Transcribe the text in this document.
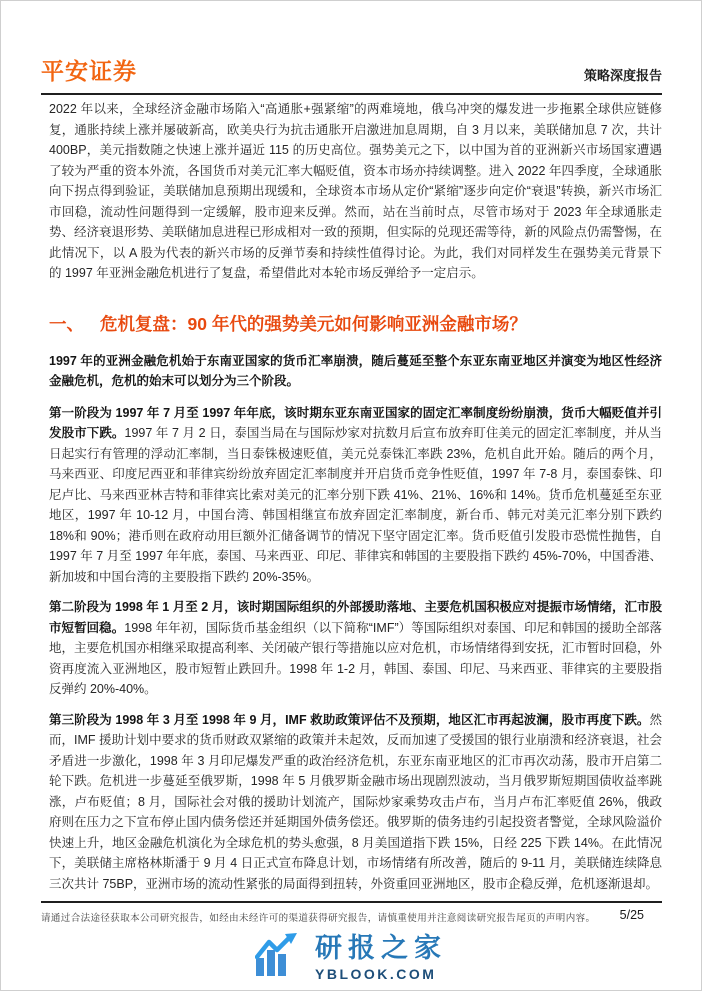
平安证券	策略深度报告

2022 年以来，全球经济金融市场陷入“高通胀+强紧缩”的两难境地，俄乌冲突的爆发进一步拖累全球供应链修复，通胀持续上涨并屡破新高，欧美央行为抗击通胀开启激进加息周期，自 3 月以来，美联储加息 7 次，共计 400BP，美元指数随之快速上涨并逼近 115 的历史高位。强势美元之下，以中国为首的亚洲新兴市场国家遭遇了较为严重的资本外流，各国货币对美元汇率大幅贬值，资本市场亦持续调整。进入 2022 年四季度，全球通胀向下拐点得到验证，美联储加息预期出现缓和，全球资本市场从定价“紧缩”逐步向定价“衰退”转换，新兴市场汇市回稳，流动性问题得到一定缓解，股市迎来反弹。然而，站在当前时点，尽管市场对于 2023 年全球通胀走势、经济衰退形势、美联储加息进程已形成相对一致的预期，但实际的兑现还需等待，新的风险点仍需警惕，在此情况下，以 A 股为代表的新兴市场的反弹节奏和持续性值得讨论。为此，我们对同样发生在强势美元背景下的 1997 年亚洲金融危机进行了复盘，希望借此对本轮市场反弹给予一定启示。

一、 危机复盘：90 年代的强势美元如何影响亚洲金融市场？

1997 年的亚洲金融危机始于东南亚国家的货币汇率崩溃，随后蔓延至整个东亚东南亚地区并演变为地区性经济金融危机，危机的始末可以划分为三个阶段。

第一阶段为 1997 年 7 月至 1997 年年底，该时期东亚东南亚国家的固定汇率制度纷纷崩溃，货币大幅贬值并引发股市下跌。1997 年 7 月 2 日，泰国当局在与国际炒家对抗数月后宣布放弃盯住美元的固定汇率制度，并从当日起实行有管理的浮动汇率制，当日泰铢极速贬值，美元兑泰铢汇率跌 23%，危机自此开始。随后的两个月，马来西亚、印度尼西亚和菲律宾纷纷放弃固定汇率制度并开启货币竞争性贬值，1997 年 7-8 月，泰国泰铢、印尼卢比、马来西亚林吉特和菲律宾比索对美元的汇率分别下跌 41%、21%、16%和 14%。货币危机蔓延至东亚地区，1997 年 10-12 月，中国台湾、韩国相继宣布放弃固定汇率制度，新台币、韩元对美元汇率分别下跌约 18%和 90%；港币则在政府动用巨额外汇储备调节的情况下坚守固定汇率。货币贬值引发股市恐慌性抛售，自 1997 年 7 月至 1997 年年底，泰国、马来西亚、印尼、菲律宾和韩国的主要股指下跌约 45%-70%，中国香港、新加坡和中国台湾的主要股指下跌约 20%-35%。

第二阶段为 1998 年 1 月至 2 月，该时期国际组织的外部援助落地、主要危机国积极应对提振市场情绪，汇市股市短暂回稳。1998 年年初，国际货币基金组织（以下简称“IMF”）等国际组织对泰国、印尼和韩国的援助全部落地，主要危机国亦相继采取提高利率、关闭破产银行等措施以应对危机，市场情绪得到安抚，汇市暂时回稳，外资再度流入亚洲地区，股市短暂止跌回升。1998 年 1-2 月，韩国、泰国、印尼、马来西亚、菲律宾的主要股指反弹约 20%-40%。

第三阶段为 1998 年 3 月至 1998 年 9 月，IMF 救助政策评估不及预期，地区汇市再起波澜，股市再度下跌。然而，IMF 援助计划中要求的货币财政双紧缩的政策并未起效，反而加速了受援国的银行业崩溃和经济衰退，社会矛盾进一步激化，1998 年 3 月印尼爆发严重的政治经济危机，东亚东南亚地区的汇市再次动荡，股市开启第二轮下跌。危机进一步蔓延至俄罗斯，1998 年 5 月俄罗斯金融市场出现剧烈波动，当月俄罗斯短期国债收益率跳涨，卢布贬值；8 月，国际社会对俄的援助计划流产，国际炒家乘势攻击卢布，当月卢布汇率贬值 26%，俄政府则在压力之下宣布停止国内债务偿还并延期国外债务偿还。俄罗斯的债务违约引起投资者警觉，全球风险溢价快速上升，地区金融危机演化为全球危机的势头愈强，8 月美国道指下跌 15%，日经 225 下跌 14%。在此情况下，美联储主席格林斯潘于 9 月 4 日正式宣布降息计划，市场情绪有所改善，随后的 9-11 月，美联储连续降息三次共计 75BP，亚洲市场的流动性紧张的局面得到扭转，外资重回亚洲地区，股市企稳反弹，危机逐渐退却。

请通过合法途径获取本公司研究报告，如经由未经许可的渠道获得研究报告，请慎重使用并注意阅读研究报告尾页的声明内容。 5/25
研报之家
YBLOOK.COM
